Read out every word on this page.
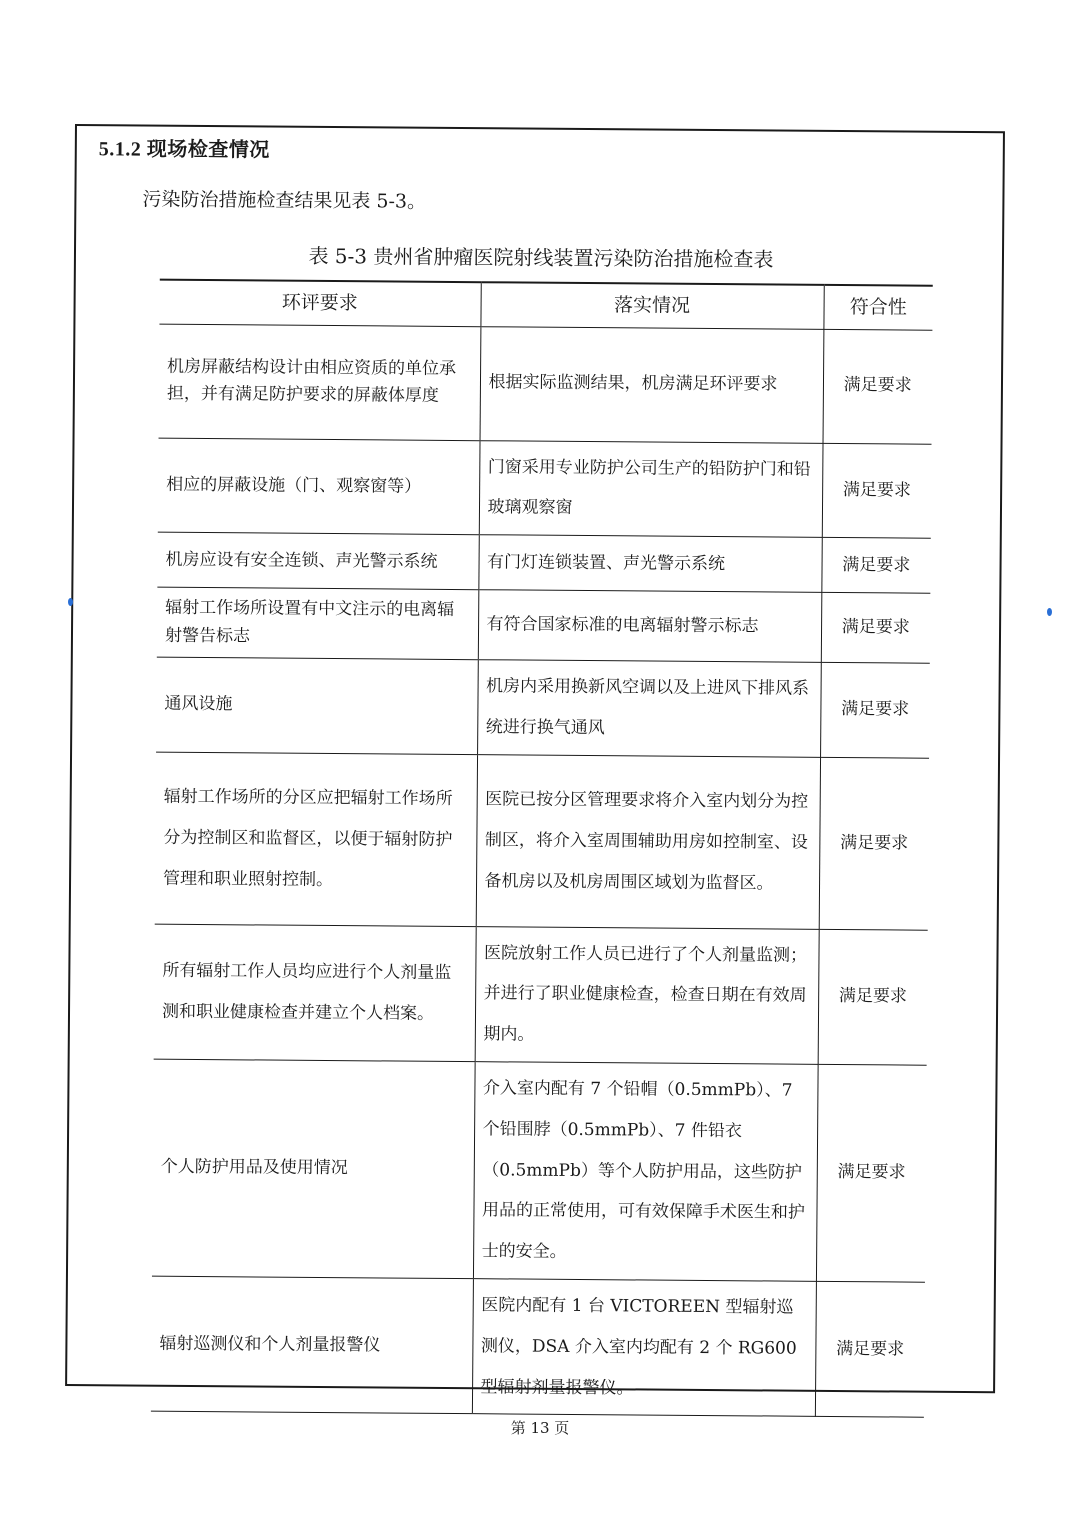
5.1.2 现场检查情况
污染防治措施检查结果见表 5-3。
表 5-3 贵州省肿瘤医院射线装置污染防治措施检查表
环评要求	落实情况	符合性
机房屏蔽结构设计由相应资质的单位承担，并有满足防护要求的屏蔽体厚度	根据实际监测结果，机房满足环评要求	满足要求
相应的屏蔽设施（门、观察窗等）	门窗采用专业防护公司生产的铅防护门和铅玻璃观察窗	满足要求
机房应设有安全连锁、声光警示系统	有门灯连锁装置、声光警示系统	满足要求
辐射工作场所设置有中文注示的电离辐射警告标志	有符合国家标准的电离辐射警示标志	满足要求
通风设施	机房内采用换新风空调以及上进风下排风系统进行换气通风	满足要求
辐射工作场所的分区应把辐射工作场所分为控制区和监督区，以便于辐射防护管理和职业照射控制。	医院已按分区管理要求将介入室内划分为控制区，将介入室周围辅助用房如控制室、设备机房以及机房周围区域划为监督区。	满足要求
所有辐射工作人员均应进行个人剂量监测和职业健康检查并建立个人档案。	医院放射工作人员已进行了个人剂量监测；并进行了职业健康检查，检查日期在有效周期内。	满足要求
个人防护用品及使用情况	介入室内配有 7 个铅帽（0.5mmPb）、7 个铅围脖（0.5mmPb）、7 件铅衣（0.5mmPb）等个人防护用品，这些防护用品的正常使用，可有效保障手术医生和护士的安全。	满足要求
辐射巡测仪和个人剂量报警仪	医院内配有 1 台 VICTOREEN 型辐射巡测仪，DSA 介入室内均配有 2 个 RG600 型辐射剂量报警仪。	满足要求
第 13 页
